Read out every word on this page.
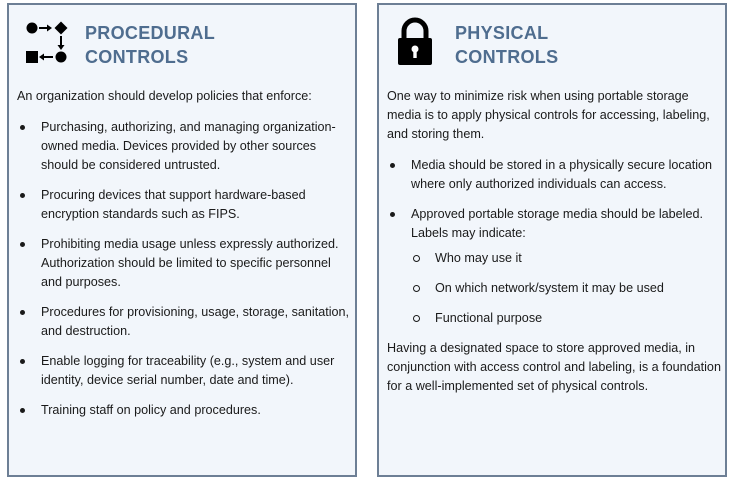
PROCEDURAL
CONTROLS

An organization should develop policies that enforce:

Purchasing, authorizing, and managing organization-owned media. Devices provided by other sources should be considered untrusted.
Procuring devices that support hardware-based encryption standards such as FIPS.
Prohibiting media usage unless expressly authorized. Authorization should be limited to specific personnel and purposes.
Procedures for provisioning, usage, storage, sanitation, and destruction.
Enable logging for traceability (e.g., system and user identity, device serial number, date and time).
Training staff on policy and procedures.
PHYSICAL
CONTROLS

One way to minimize risk when using portable storage media is to apply physical controls for accessing, labeling, and storing them.

Media should be stored in a physically secure location where only authorized individuals can access.
Approved portable storage media should be labeled. Labels may indicate:
Who may use it
On which network/system it may be used
Functional purpose

Having a designated space to store approved media, in conjunction with access control and labeling, is a foundation for a well-implemented set of physical controls.
